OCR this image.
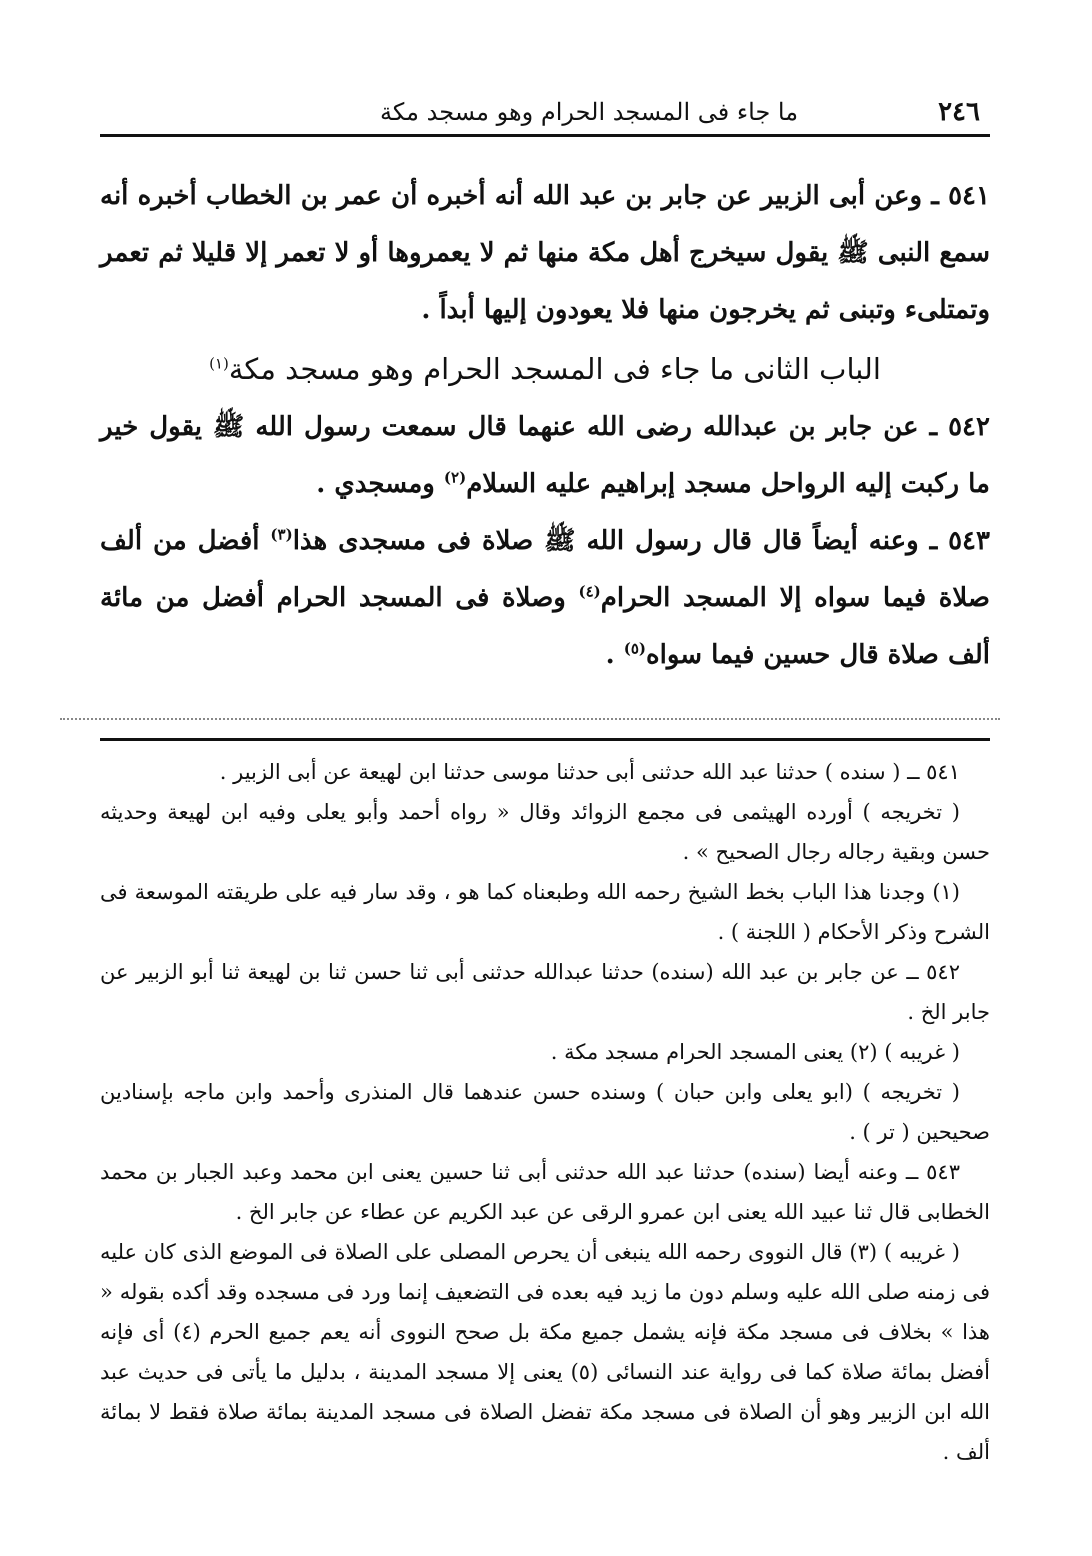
٢٤٦
ما جاء فى المسجد الحرام وهو مسجد مكة

٥٤١ ـ وعن أبى الزبير عن جابر بن عبد الله أنه أخبره أن عمر بن الخطاب أخبره أنه سمع النبى ﷺ يقول سيخرج أهل مكة منها ثم لا يعمروها أو لا تعمر إلا قليلا ثم تعمر وتمتلىء وتبنى ثم يخرجون منها فلا يعودون إليها أبداً .

الباب الثانى ما جاء فى المسجد الحرام وهو مسجد مكة$^{(١)}$

٥٤٢ ـ عن جابر بن عبدالله رضى الله عنهما قال سمعت رسول الله ﷺ يقول خير ما ركبت إليه الرواحل مسجد إبراهيم عليه السلام$^{(٢)}$ ومسجدي .

٥٤٣ ـ وعنه أيضاً قال قال رسول الله ﷺ صلاة فى مسجدى هذا$^{(٣)}$ أفضل من ألف صلاة فيما سواه إلا المسجد الحرام$^{(٤)}$ وصلاة فى المسجد الحرام أفضل من مائة ألف صلاة قال حسين فيما سواه$^{(٥)}$ .

٥٤١ ــ ( سنده ) حدثنا عبد الله حدثنى أبى حدثنا موسى حدثنا ابن لهيعة عن أبى الزبير .

( تخريجه ) أورده الهيثمى فى مجمع الزوائد وقال « رواه أحمد وأبو يعلى وفيه ابن لهيعة وحديثه حسن وبقية رجاله رجال الصحيح » .

(١) وجدنا هذا الباب بخط الشيخ رحمه الله وطبعناه كما هو ، وقد سار فيه على طريقته الموسعة فى الشرح وذكر الأحكام ( اللجنة ) .

٥٤٢ ــ عن جابر بن عبد الله (سنده) حدثنا عبدالله حدثنى أبى ثنا حسن ثنا بن لهيعة ثنا أبو الزبير عن جابر الخ .

( غريبه ) (٢) يعنى المسجد الحرام مسجد مكة .

( تخريجه ) (ابو يعلى وابن حبان ) وسنده حسن عندهما قال المنذرى وأحمد وابن ماجه بإسنادين صحيحين ( تر ) .

٥٤٣ ــ وعنه أيضا (سنده) حدثنا عبد الله حدثنى أبى ثنا حسين يعنى ابن محمد وعبد الجبار بن محمد الخطابى قال ثنا عبيد الله يعنى ابن عمرو الرقى عن عبد الكريم عن عطاء عن جابر الخ .

( غريبه ) (٣) قال النووى رحمه الله ينبغى أن يحرص المصلى على الصلاة فى الموضع الذى كان عليه فى زمنه صلى الله عليه وسلم دون ما زيد فيه بعده فى التضعيف إنما ورد فى مسجده وقد أكده بقوله « هذا » بخلاف فى مسجد مكة فإنه يشمل جميع مكة بل صحح النووى أنه يعم جميع الحرم (٤) أى فإنه أفضل بمائة صلاة كما فى رواية عند النسائى (٥) يعنى إلا مسجد المدينة ، بدليل ما يأتى فى حديث عبد الله ابن الزبير وهو أن الصلاة فى مسجد مكة تفضل الصلاة فى مسجد المدينة بمائة صلاة فقط لا بمائة ألف .
